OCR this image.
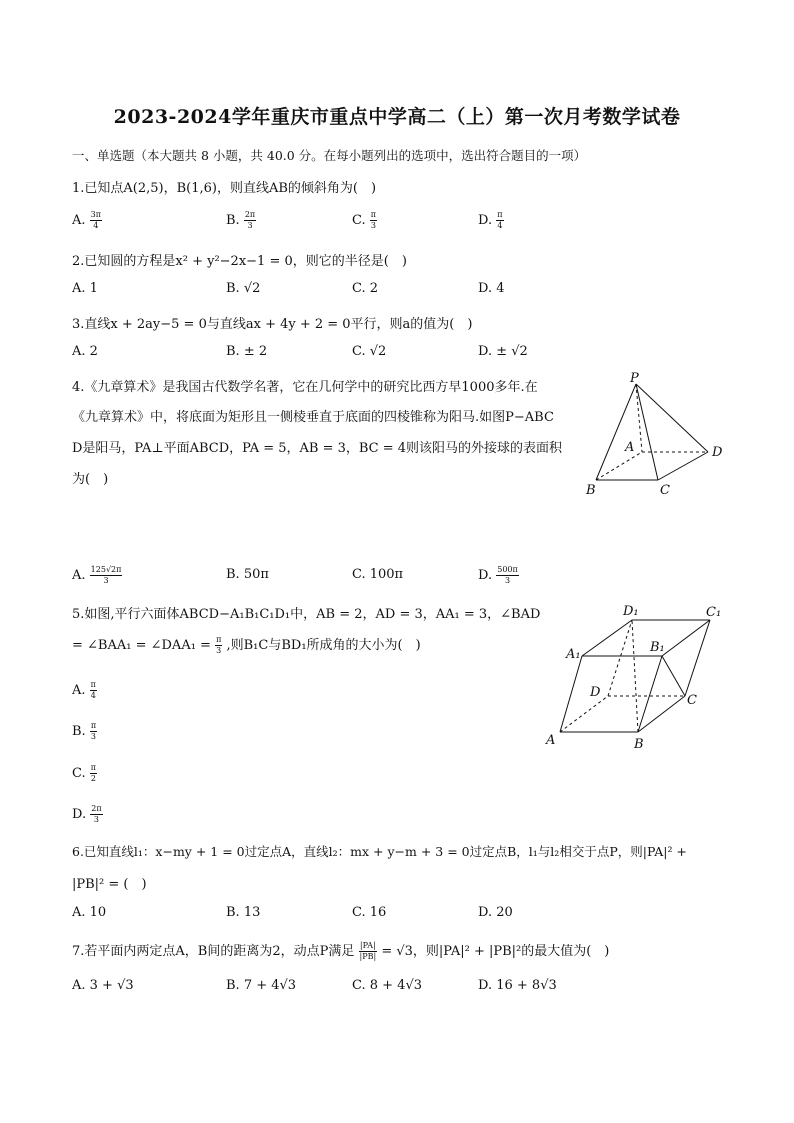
2023-2024学年重庆市重点中学高二（上）第一次月考数学试卷
一、单选题（本大题共 8 小题，共 40.0 分。在每小题列出的选项中，选出符合题目的一项）
1.已知点A(2,5)，B(1,6)，则直线AB的倾斜角为(　)
A. $\frac{3\pi}{4}$	B. $\frac{2\pi}{3}$	C. $\frac{\pi}{3}$	D. $\frac{\pi}{4}$
2.已知圆的方程是x² + y²−2x−1 = 0，则它的半径是(　)
A. 1	B. √2	C. 2	D. 4
3.直线x + 2ay−5 = 0与直线ax + 4y + 2 = 0平行，则a的值为(　)
A. 2	B. ± 2	C. √2	D. ± √2
4.《九章算术》是我国古代数学名著，它在几何学中的研究比西方早1000多年.在
《九章算术》中，将底面为矩形且一侧棱垂直于底面的四棱锥称为阳马.如图P−ABC
D是阳马，PA⊥平面ABCD，PA = 5，AB = 3，BC = 4则该阳马的外接球的表面积
为(　)
P
A
B	C
D
A. $\frac{125√2\pi}{3}$	B. 50π	C. 100π	D. $\frac{500\pi}{3}$
5.如图,平行六面体ABCD−A₁B₁C₁D₁中，AB = 2，AD = 3，AA₁ = 3，∠BAD
= ∠BAA₁ = ∠DAA₁ = $\frac{\pi}{3}$ ,则B₁C与BD₁所成角的大小为(　)
A	B
C
D
A₁	B₁
C₁
D₁
A. $\frac{\pi}{4}$
B. $\frac{\pi}{3}$
C. $\frac{\pi}{2}$
D. $\frac{2\pi}{3}$
6.已知直线l₁：x−my + 1 = 0过定点A，直线l₂：mx + y−m + 3 = 0过定点B，l₁与l₂相交于点P，则|PA|² +
|PB|² = (　)
A. 10	B. 13	C. 16	D. 20
7.若平面内两定点A，B间的距离为2，动点P满足 $\frac{|PA|}{|PB|} = √3$，则|PA|² + |PB|²的最大值为(　)
A. 3 + √3	B. 7 + 4√3	C. 8 + 4√3	D. 16 + 8√3
